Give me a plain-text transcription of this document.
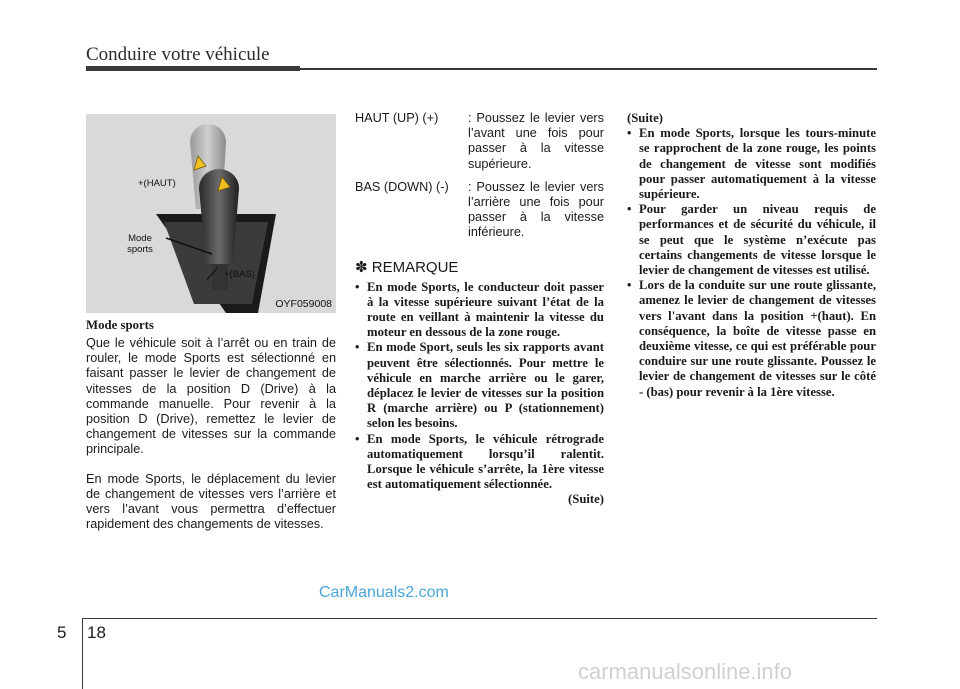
Conduire votre véhicule
+(HAUT)
Mode sports
+(BAS)
OYF059008
Mode sports
Que le véhicule soit à l’arrêt ou en train de rouler, le mode Sports est sélectionné en faisant passer le levier de changement de vitesses de la position D (Drive) à la commande manuelle. Pour revenir à la position D (Drive), remettez le levier de changement de vitesses sur la commande principale.
En mode Sports, le déplacement du levier de changement de vitesses vers l’arrière et vers l’avant vous permettra d’effectuer rapidement des changements de vitesses.
HAUT (UP) (+) : Poussez le levier vers l’avant une fois pour passer à la vitesse supérieure.
BAS (DOWN) (-) : Poussez le levier vers l’arrière une fois pour passer à la vitesse inférieure.
✽ REMARQUE
• En mode Sports, le conducteur doit passer à la vitesse supérieure suivant l’état de la route en veillant à maintenir la vitesse du moteur en dessous de la zone rouge.
• En mode Sport, seuls les six rapports avant peuvent être sélectionnés. Pour mettre le véhicule en marche arrière ou le garer, déplacez le levier de vitesses sur la position R (marche arrière) ou P (stationnement) selon les besoins.
• En mode Sports, le véhicule rétrograde automatiquement lorsqu’il ralentit. Lorsque le véhicule s’arrête, la 1ère vitesse est automatiquement sélectionnée.
(Suite)
(Suite)
• En mode Sports, lorsque les tours-minute se rapprochent de la zone rouge, les points de changement de vitesse sont modifiés pour passer automatiquement à la vitesse supérieure.
• Pour garder un niveau requis de performances et de sécurité du véhicule, il se peut que le système n’exécute pas certains changements de vitesse lorsque le levier de changement de vitesses est utilisé.
• Lors de la conduite sur une route glissante, amenez le levier de changement de vitesses vers l'avant dans la position +(haut). En conséquence, la boîte de vitesse passe en deuxième vitesse, ce qui est préférable pour conduire sur une route glissante. Poussez le levier de changement de vitesses sur le côté - (bas) pour revenir à la 1ère vitesse.
5 18
CarManuals2.com
carmanualsonline.info
